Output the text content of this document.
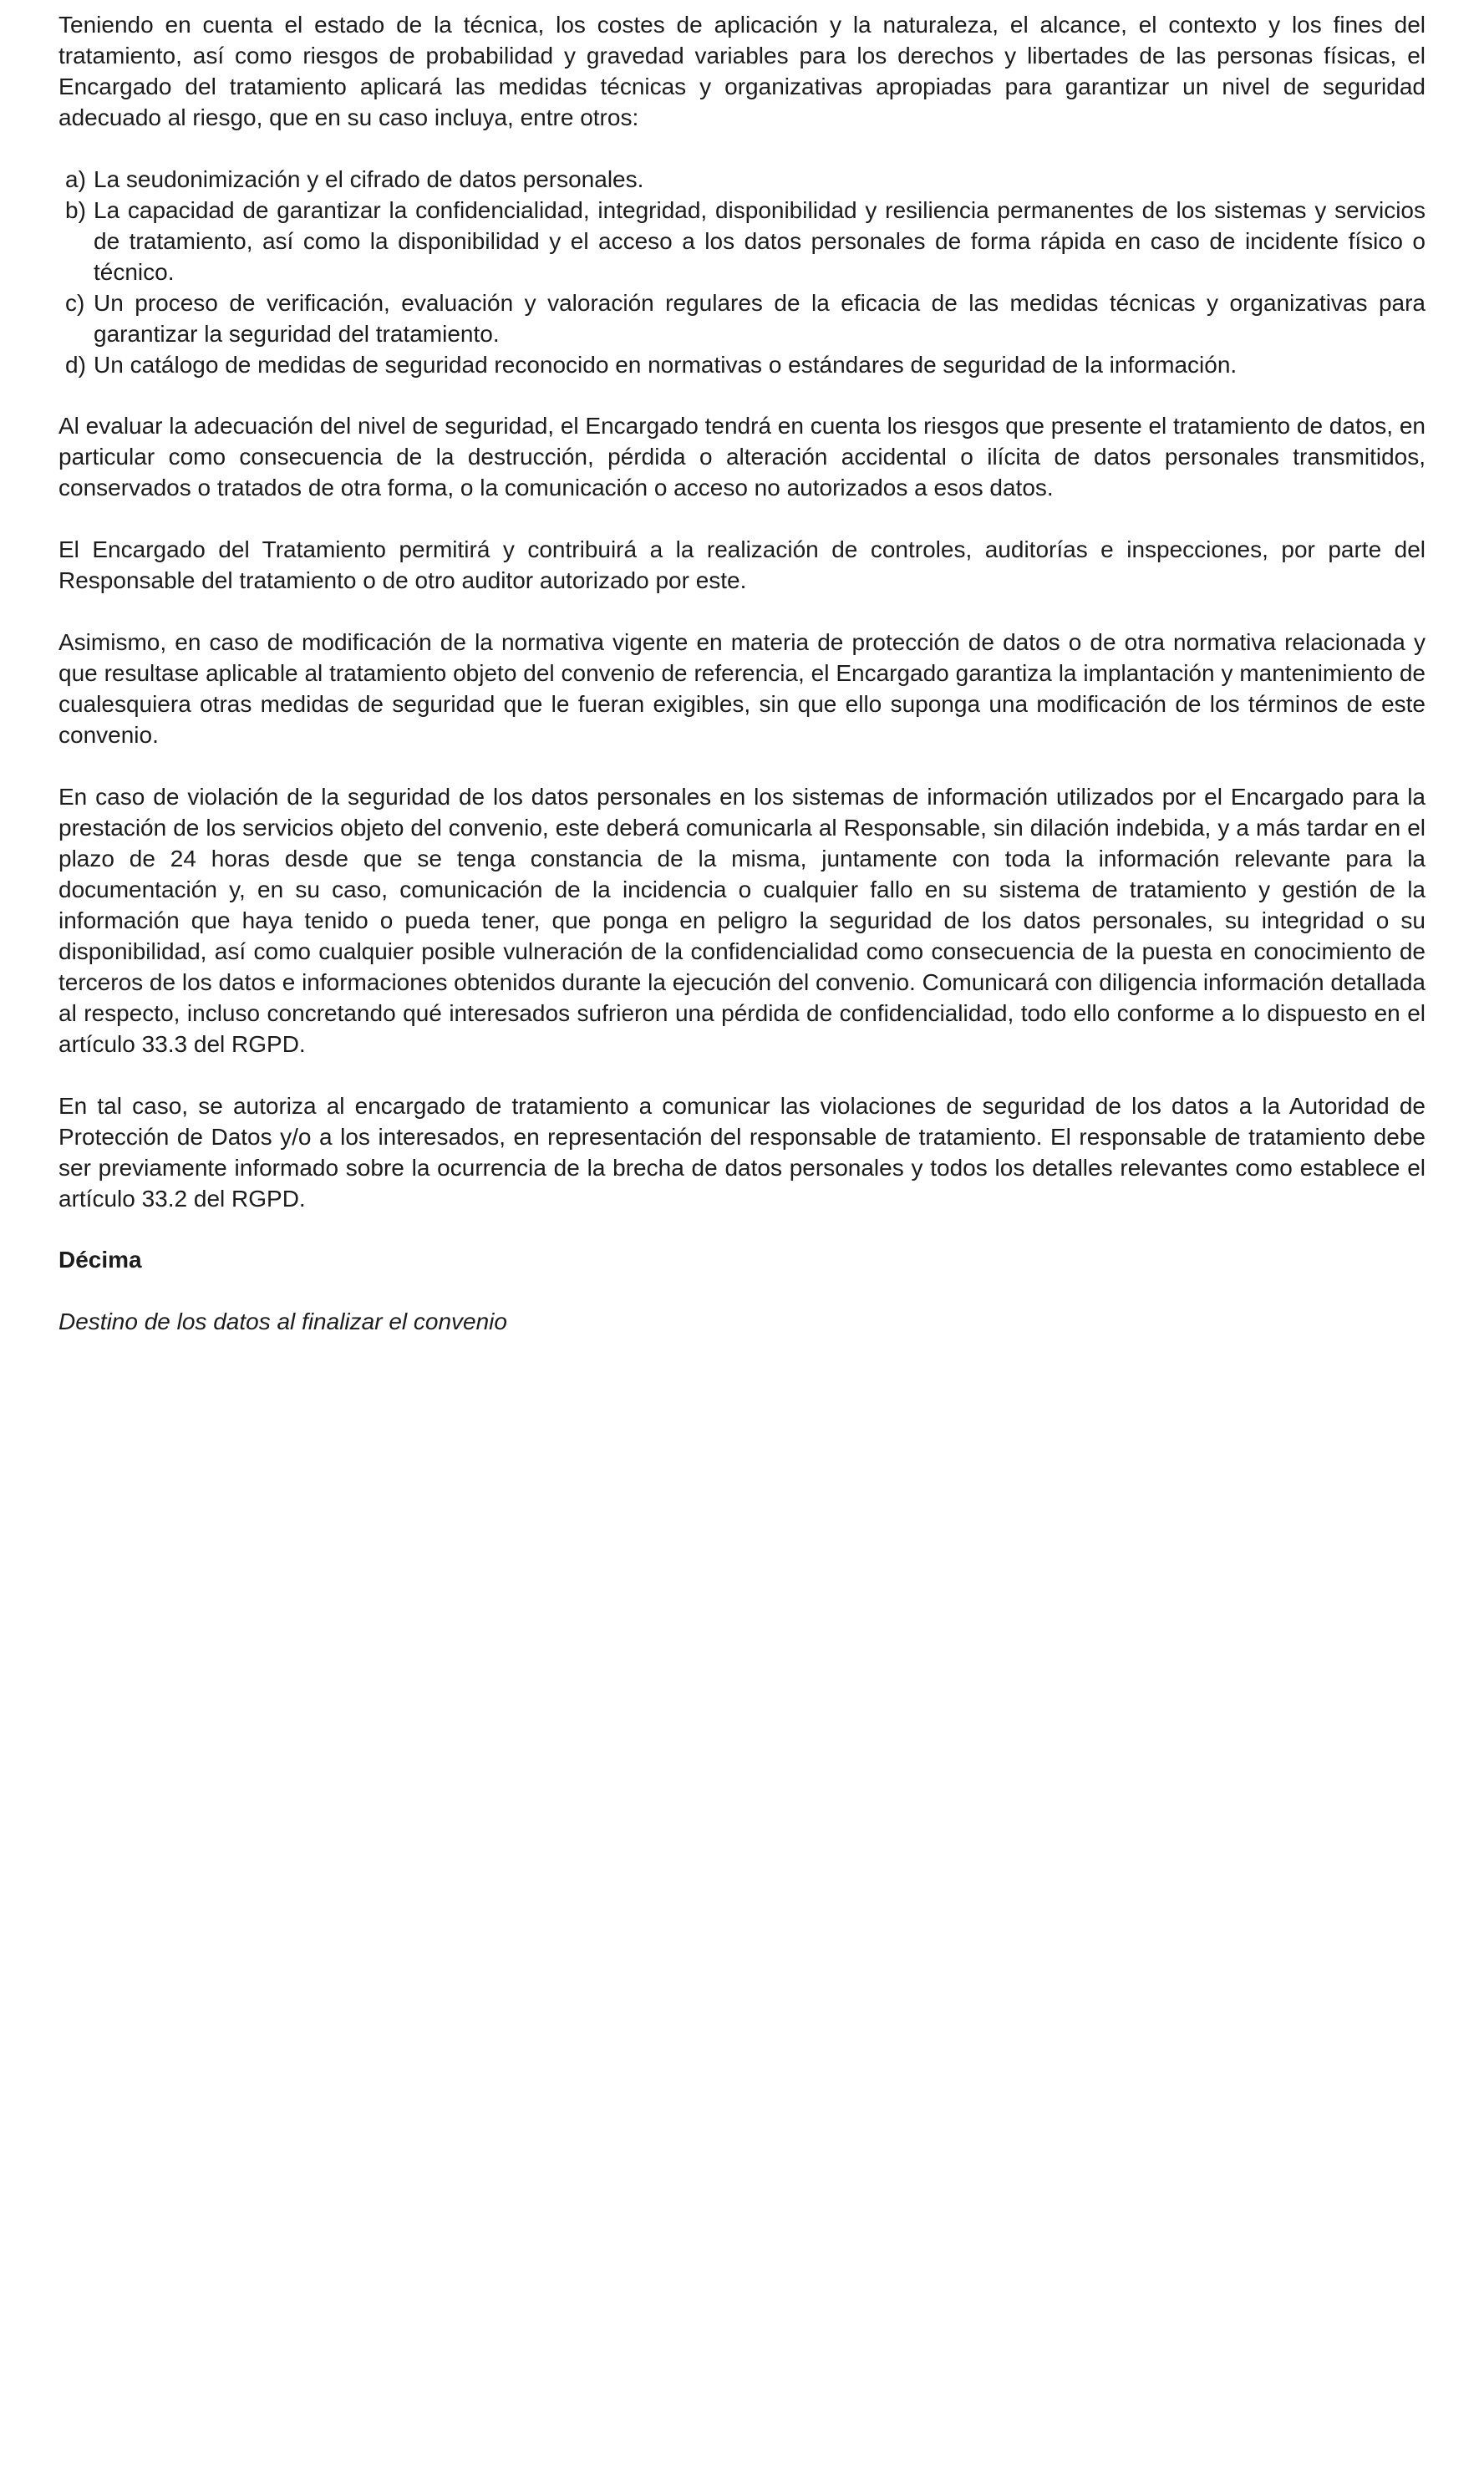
Teniendo en cuenta el estado de la técnica, los costes de aplicación y la naturaleza, el alcance, el contexto y los fines del tratamiento, así como riesgos de probabilidad y gravedad variables para los derechos y libertades de las personas físicas, el Encargado del tratamiento aplicará las medidas técnicas y organizativas apropiadas para garantizar un nivel de seguridad adecuado al riesgo, que en su caso incluya, entre otros:

a) La seudonimización y el cifrado de datos personales.
b) La capacidad de garantizar la confidencialidad, integridad, disponibilidad y resiliencia permanentes de los sistemas y servicios de tratamiento, así como la disponibilidad y el acceso a los datos personales de forma rápida en caso de incidente físico o técnico.
c) Un proceso de verificación, evaluación y valoración regulares de la eficacia de las medidas técnicas y organizativas para garantizar la seguridad del tratamiento.
d) Un catálogo de medidas de seguridad reconocido en normativas o estándares de seguridad de la información.

Al evaluar la adecuación del nivel de seguridad, el Encargado tendrá en cuenta los riesgos que presente el tratamiento de datos, en particular como consecuencia de la destrucción, pérdida o alteración accidental o ilícita de datos personales transmitidos, conservados o tratados de otra forma, o la comunicación o acceso no autorizados a esos datos.

El Encargado del Tratamiento permitirá y contribuirá a la realización de controles, auditorías e inspecciones, por parte del Responsable del tratamiento o de otro auditor autorizado por este.

Asimismo, en caso de modificación de la normativa vigente en materia de protección de datos o de otra normativa relacionada y que resultase aplicable al tratamiento objeto del convenio de referencia, el Encargado garantiza la implantación y mantenimiento de cualesquiera otras medidas de seguridad que le fueran exigibles, sin que ello suponga una modificación de los términos de este convenio.

En caso de violación de la seguridad de los datos personales en los sistemas de información utilizados por el Encargado para la prestación de los servicios objeto del convenio, este deberá comunicarla al Responsable, sin dilación indebida, y a más tardar en el plazo de 24 horas desde que se tenga constancia de la misma, juntamente con toda la información relevante para la documentación y, en su caso, comunicación de la incidencia o cualquier fallo en su sistema de tratamiento y gestión de la información que haya tenido o pueda tener, que ponga en peligro la seguridad de los datos personales, su integridad o su disponibilidad, así como cualquier posible vulneración de la confidencialidad como consecuencia de la puesta en conocimiento de terceros de los datos e informaciones obtenidos durante la ejecución del convenio. Comunicará con diligencia información detallada al respecto, incluso concretando qué interesados sufrieron una pérdida de confidencialidad, todo ello conforme a lo dispuesto en el artículo 33.3 del RGPD.

En tal caso, se autoriza al encargado de tratamiento a comunicar las violaciones de seguridad de los datos a la Autoridad de Protección de Datos y/o a los interesados, en representación del responsable de tratamiento. El responsable de tratamiento debe ser previamente informado sobre la ocurrencia de la brecha de datos personales y todos los detalles relevantes como establece el artículo 33.2 del RGPD.

Décima

Destino de los datos al finalizar el convenio
